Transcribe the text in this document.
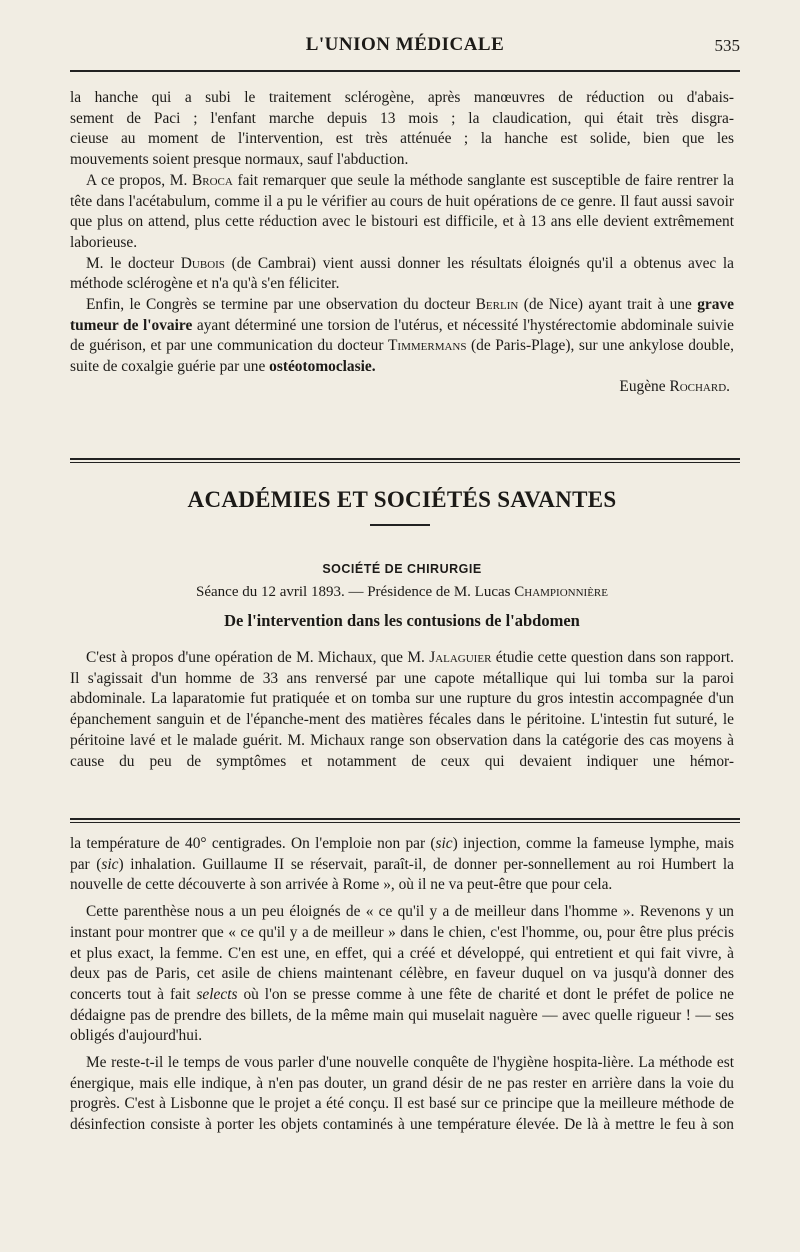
L'UNION MÉDICALE	535

la hanche qui a subi le traitement sclérogène, après manœuvres de réduction ou d'abais-

sement de Paci ; l'enfant marche depuis 13 mois ; la claudication, qui était très disgra-

cieuse au moment de l'intervention, est très atténuée ; la hanche est solide, bien que les

mouvements soient presque normaux, sauf l'abduction.

A ce propos, M. Broca fait remarquer que seule la méthode sanglante est susceptible de faire rentrer la tête dans l'acétabulum, comme il a pu le vérifier au cours de huit opérations de ce genre. Il faut aussi savoir que plus on attend, plus cette réduction avec le bistouri est difficile, et à 13 ans elle devient extrêmement laborieuse.

M. le docteur Dubois (de Cambrai) vient aussi donner les résultats éloignés qu'il a obtenus avec la méthode sclérogène et n'a qu'à s'en féliciter.

Enfin, le Congrès se termine par une observation du docteur Berlin (de Nice) ayant trait à une grave tumeur de l'ovaire ayant déterminé une torsion de l'utérus, et nécessité l'hystérectomie abdominale suivie de guérison, et par une communication du docteur Timmermans (de Paris-Plage), sur une ankylose double, suite de coxalgie guérie par une ostéotomoclasie.

Eugène Rochard.

ACADÉMIES ET SOCIÉTÉS SAVANTES
SOCIÉTÉ DE CHIRURGIE
Séance du 12 avril 1893. — Présidence de M. Lucas Championnière
De l'intervention dans les contusions de l'abdomen

C'est à propos d'une opération de M. Michaux, que M. Jalaguier étudie cette question dans son rapport. Il s'agissait d'un homme de 33 ans renversé par une capote métallique qui lui tomba sur la paroi abdominale. La laparatomie fut pratiquée et on tomba sur une rupture du gros intestin accompagnée d'un épanchement sanguin et de l'épanche-ment des matières fécales dans le péritoine. L'intestin fut suturé, le péritoine lavé et le malade guérit. M. Michaux range son observation dans la catégorie des cas moyens à cause du peu de symptômes et notamment de ceux qui devaient indiquer une hémor-

la température de 40° centigrades. On l'emploie non par (sic) injection, comme la fameuse lymphe, mais par (sic) inhalation. Guillaume II se réservait, paraît-il, de donner per-sonnellement au roi Humbert la nouvelle de cette découverte à son arrivée à Rome », où il ne va peut-être que pour cela.

Cette parenthèse nous a un peu éloignés de « ce qu'il y a de meilleur dans l'homme ». Revenons y un instant pour montrer que « ce qu'il y a de meilleur » dans le chien, c'est l'homme, ou, pour être plus précis et plus exact, la femme. C'en est une, en effet, qui a créé et développé, qui entretient et qui fait vivre, à deux pas de Paris, cet asile de chiens maintenant célèbre, en faveur duquel on va jusqu'à donner des concerts tout à fait selects où l'on se presse comme à une fête de charité et dont le préfet de police ne dédaigne pas de prendre des billets, de la même main qui muselait naguère — avec quelle rigueur ! — ses obligés d'aujourd'hui.

Me reste-t-il le temps de vous parler d'une nouvelle conquête de l'hygiène hospita-lière. La méthode est énergique, mais elle indique, à n'en pas douter, un grand désir de ne pas rester en arrière dans la voie du progrès. C'est à Lisbonne que le projet a été conçu. Il est basé sur ce principe que la meilleure méthode de désinfection consiste à porter les objets contaminés à une température élevée. De là à mettre le feu à son
